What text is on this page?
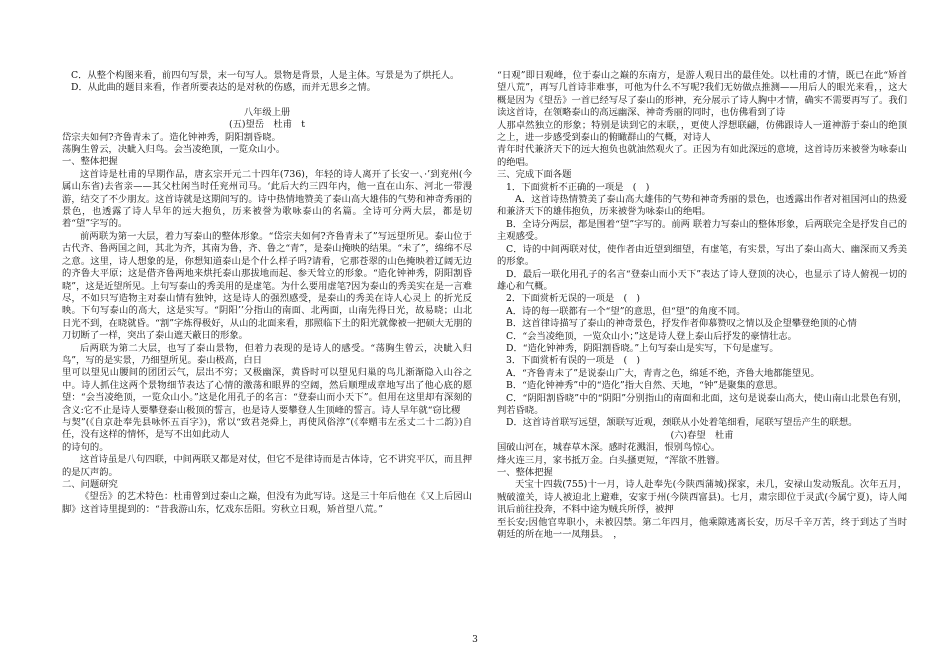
C．从整个构图来看，前四句写景，末一句写人。景物是背景，人是主体。写景是为了烘托人。

D．从此曲的题目来看，作者所要表达的是对秋的伤感，而并无思乡之情。

八年级上册

(五)望岳　杜甫　t

岱宗夫如何?齐鲁青未了。造化钟神秀，阴阳割昏晓。

荡胸生曾云，决眦入归鸟。会当凌绝顶，一览众山小。

一、整体把握

这首诗是杜甫的早期作品，唐玄宗开元二十四年(736)，年轻的诗人离开了长安一、·’到兖州(今属山东省)去省亲——其父杜闲当时任兖州司马。‘此后大约三四年内，他一直在山东、河北一带漫游，结交了不少朋友。这首诗就是这期间写的。诗中热情地赞美了泰山高大雄伟的气势和神奇秀丽的景色，也透露了诗人早年的远大抱负，历来被誉为歌咏泰山的名篇。全诗可分两大层，都是切着“望”字写的。

前两联为第一大层，着力写泰山的整体形象。“岱宗夫如何?齐鲁青未了”写远望所见。泰山位于古代齐、鲁两国之间，其北为齐，其南为鲁，齐、鲁之“青”，是泰山掩映的结果。“未了”，绵绵不尽之意。这里，诗人想象的是，你想知道泰山是个什么样子吗?请看，它那苍翠的山色掩映着辽阔无边的齐鲁大平原；这是借齐鲁两地来烘托泰山那拔地而起、参天耸立的形象。“造化钟神秀，阴阳割昏晓”，这是近望所见。上句写泰山的秀美用的是虚笔。为什么要用虚笔?因为泰山的秀美实在是一言难尽，不如只写造物主对泰山情有独钟，这是诗人的强烈感受，是泰山的秀美在诗人心灵上 的折光反映。下句写泰山的高大，这是实写。“阴阳’’分指山的南面、北两面，山南先得日光，故易晓；山北日光不到，在晓就昏。“割”字炼得极好，从山的北面来看，那照临下土的阳光就像被一把硕大无朋的刀切断了一样，突出了泰山遮天蔽日的形象。

后两联为第二大层，也写了泰山景物，但着力表现的是诗人的感受。“荡胸生曾云，决眦入归鸟”，写的是实景，乃细望所见。泰山极高，白日

里可以望见山腰间的团团云气，层出不穷；又极幽深，黄昏时可以望见归巢的鸟儿渐渐隐入山谷之中。诗人抓住这两个景物细节表达了心情的激荡和眼界的空阔，然后顺理成章地写出了他心底的愿望：“会当凌绝顶，一览众山小。”这是化用孔子的名言：“登泰山而小天下”。但用在这里却有深刻的含义:它不止是诗人要攀登泰山极顶的誓言，也是诗人要攀登人生顶峰的誓言。诗人早年就“窃比稷

与契”(《自京赴奉先县咏怀五百字》)，常以“致君尧舜上，再使风俗淳”(《奉赠韦左丞丈二十二韵》)自任，没有这样的情怀，是写不出如此动人

的诗句的。

这首诗虽是八句四联，中间两联又都是对仗，但它不是律诗而是古体诗，它不讲究平仄，而且押的是仄声韵。

二、问题研究

《望岳》的艺术特色：杜甫曾到过泰山之巅，但没有为此写诗。这是三十年后他在《又上后园山脚》这首诗里提到的：“昔我游山东，忆戏东岳阳。穷秋立日观，矫首望八荒。”

“日观”即日观峰，位于泰山之巅的东南方，是游人观日出的最佳处。以杜甫的才情，既已在此“矫首望八荒”，再写几首诗非难事，可他为什么不写呢?我们无妨做点推测——用后人的眼光来看，，这大概是因为《望岳》一首已经写尽了泰山的形神，充分展示了诗人胸中才情，确实不需要再写了。我们读这首诗，在领略泰山的高远幽深、神奇秀丽的同时，也仿佛看到了诗

人那卓然独立的形象；特别是读到它的末联，，更使人浮想联翩，仿佛跟诗人一道神游于泰山的绝顶之上，进一步感受到泰山的俯瞰群山的气概，对诗人

青年时代兼济天下的远大抱负也就油然观火了。正因为有如此深远的意境，这首诗历来被誉为咏泰山的绝唱。

三、完成下面各题

1．下面赏析不正确的一项是　(　)

A．这首诗热情赞美了泰山高大雄伟的气势和神奇秀丽的景色，也透露出作者对祖国河山的热爱和兼济天下的雄伟抱负，历来被誉为咏泰山的绝唱。

B．全诗分两层，都是围着“望”字写的。前两 联着力写泰山的整体形象，后两联完全是抒发自己的主观感受。

C．诗的中间两联对仗，使作者由近望到细望，有虚笔，有实景，写出了泰山高大、幽深而又秀美的形象。

D．最后一联化用孔子的名言“登泰山而小天下”表达了诗人登顶的决心，也显示了诗人俯视一切的雄心和气概。

2．下面赏析无误的一项是　(　)

A．诗的每一联都有一个“望”的意思，但“望”的角度不同。

B．这首律诗描写了泰山的神奇景色，抒发作者仰慕赞叹之情以及企望攀登绝顶的心情

C．“会当凌绝顶，一览众山小；”这是诗人登上泰山后抒发的豪情壮志。

D．“造化钟神秀，阴阳割昏晓。”上句写泰山是实写，下句是虚写。

3．下面赏析有误的一项是　(　)

A．“齐鲁青未了”是说泰山广大，青青之色，绵延不绝，齐鲁大地都能望见。

B．“造化钟神秀”中的“造化”指大自然、天地，“钟”是聚集的意思。

C．“阴阳割昏晓”中的“阴阳”分别指山的南面和北面，这句是说泰山高大，使山南山北景色有别，判若昏晓。

D．这首诗首联写远望，颔联写近观，颈联从小处着笔细看，尾联写望岳产生的联想。

(六)春望　杜甫

国破山河在，城春草木深。感时花溅泪，恨别鸟惊心。

烽火连三月，家书抵万金。白头搔更短，“浑欲不胜簪。

一、整体把握

天宝十四载(755)十一月，诗人赴奉先(今陕西蒲城)探家，未几，安禄山发动叛乱。次年五月，贼破潼关，诗人被迫北上避难，安家于州(今陕西富县)。七月，肃宗即位于灵武(今属宁夏)，诗人闻讯后前往投奔，不料中途为贼兵所俘，被押

至长安;因他官卑职小，未被囚禁。第二年四月，他乘隙逃离长安，历尽千辛万苦，终于到达了当时朝廷的所在地一一凤翔县。　，

3
